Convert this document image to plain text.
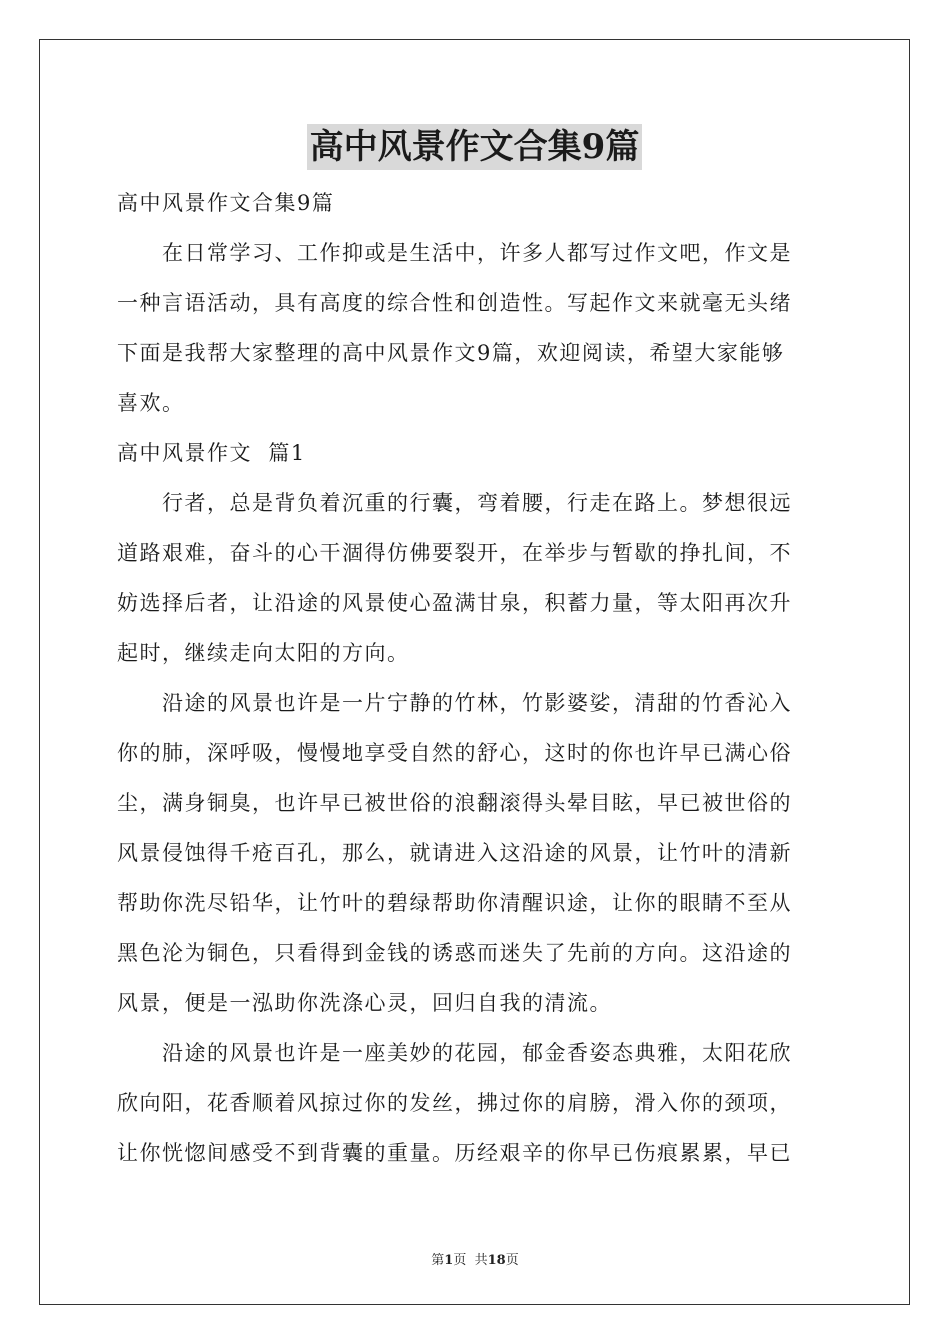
高中风景作文合集9篇
高中风景作文合集9篇

在日常学习、工作抑或是生活中，许多人都写过作文吧，作文是

一种言语活动，具有高度的综合性和创造性。写起作文来就毫无头绪

下面是我帮大家整理的高中风景作文9篇，欢迎阅读，希望大家能够

喜欢。

高中风景作文  篇1

行者，总是背负着沉重的行囊，弯着腰，行走在路上。梦想很远

道路艰难，奋斗的心干涸得仿佛要裂开，在举步与暂歇的挣扎间，不

妨选择后者，让沿途的风景使心盈满甘泉，积蓄力量，等太阳再次升

起时，继续走向太阳的方向。

沿途的风景也许是一片宁静的竹林，竹影婆娑，清甜的竹香沁入

你的肺，深呼吸，慢慢地享受自然的舒心，这时的你也许早已满心俗

尘，满身铜臭，也许早已被世俗的浪翻滚得头晕目眩，早已被世俗的

风景侵蚀得千疮百孔，那么，就请进入这沿途的风景，让竹叶的清新

帮助你洗尽铅华，让竹叶的碧绿帮助你清醒识途，让你的眼睛不至从

黑色沦为铜色，只看得到金钱的诱惑而迷失了先前的方向。这沿途的

风景，便是一泓助你洗涤心灵，回归自我的清流。

沿途的风景也许是一座美妙的花园，郁金香姿态典雅，太阳花欣

欣向阳，花香顺着风掠过你的发丝，拂过你的肩膀，滑入你的颈项，

让你恍惚间感受不到背囊的重量。历经艰辛的你早已伤痕累累，早已

第1页  共18页
